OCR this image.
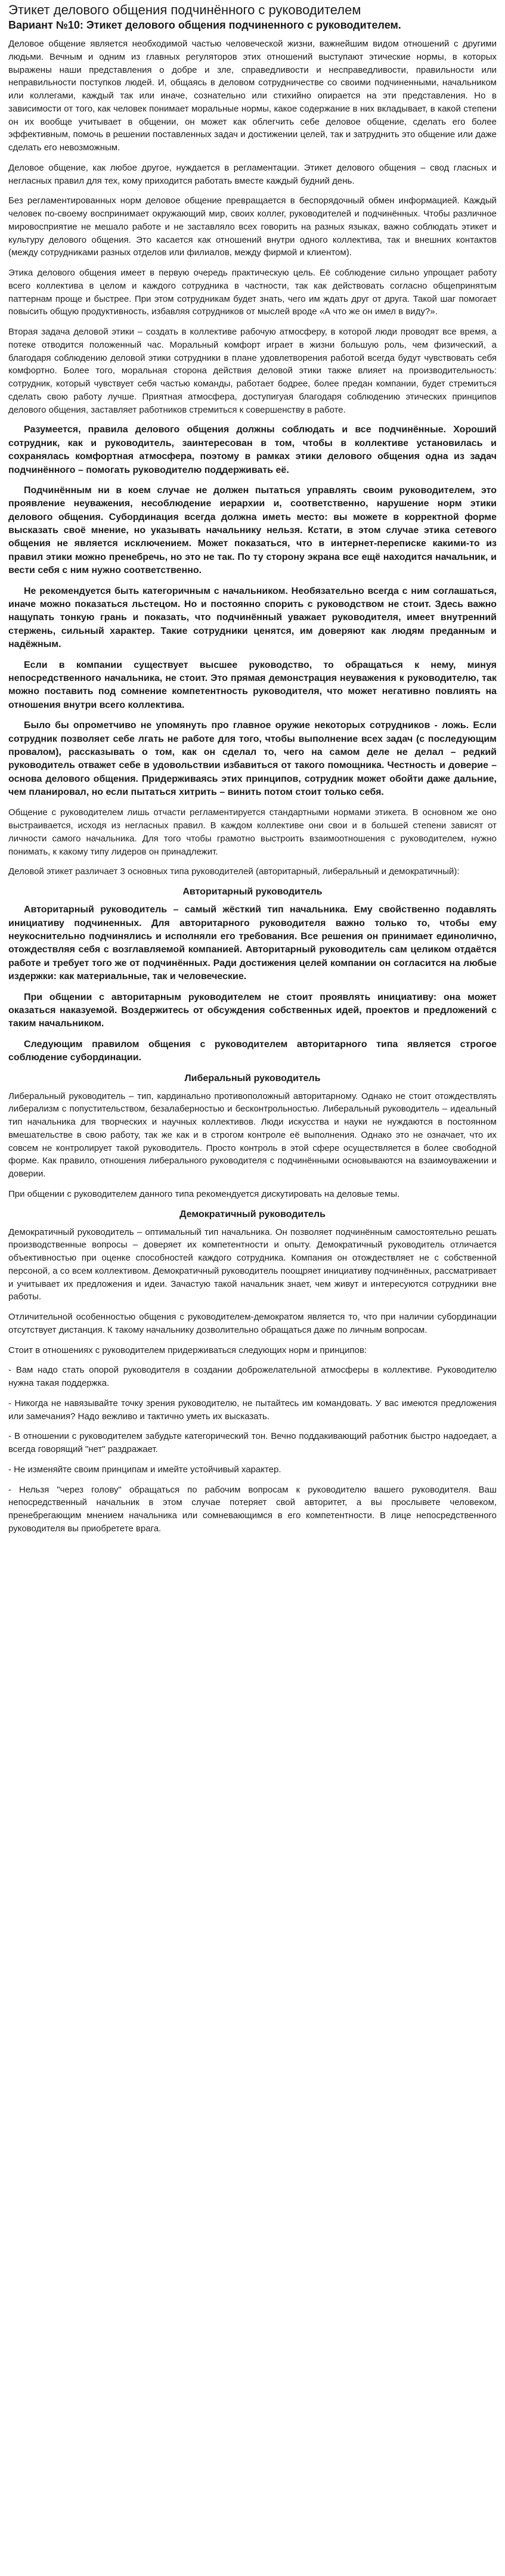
Этикет делового общения подчинённого с руководителем
Вариант №10: Этикет делового общения подчиненного с руководителем.

Деловое общение является необходимой частью человеческой жизни, важнейшим видом отношений с другими людьми. Вечным и одним из главных регуляторов этих отношений выступают этические нормы, в которых выражены наши представления о добре и зле, справедливости и несправедливости, правильности или неправильности поступков людей. И, общаясь в деловом сотрудничестве со своими подчиненными, начальником или коллегами, каждый так или иначе, сознательно или стихийно опирается на эти представления. Но в зависимости от того, как человек понимает моральные нормы, какое содержание в них вкладывает, в какой степени он их вообще учитывает в общении, он может как облегчить себе деловое общение, сделать его более эффективным, помочь в решении поставленных задач и достижении целей, так и затруднить это общение или даже сделать его невозможным.

Деловое общение, как любое другое, нуждается в регламентации. Этикет делового общения – свод гласных и негласных правил для тех, кому приходится работать вместе каждый будний день.

Без регламентированных норм деловое общение превращается в беспорядочный обмен информацией. Каждый человек по-своему воспринимает окружающий мир, своих коллег, руководителей и подчинённых. Чтобы различное мировосприятие не мешало работе и не заставляло всех говорить на разных языках, важно соблюдать этикет и культуру делового общения. Это касается как отношений внутри одного коллектива, так и внешних контактов (между сотрудниками разных отделов или филиалов, между фирмой и клиентом).

Этика делового общения имеет в первую очередь практическую цель. Её соблюдение сильно упрощает работу всего коллектива в целом и каждого сотрудника в частности, так как действовать согласно общепринятым паттернам проще и быстрее. При этом сотрудникам будет знать, чего им ждать друг от друга. Такой шаг помогает повысить общую продуктивность, избавляя сотрудников от мыслей вроде «А что же он имел в виду?».

Вторая задача деловой этики – создать в коллективе рабочую атмосферу, в которой люди проводят все время, а потеке отводится положенный час. Моральный комфорт играет в жизни большую роль, чем физический, а благодаря соблюдению деловой этики сотрудники в плане удовлетворения работой всегда будут чувствовать себя комфортно. Более того, моральная сторона действия деловой этики также влияет на производительность: сотрудник, который чувствует себя частью команды, работает бодрее, более предан компании, будет стремиться сделать свою работу лучше. Приятная атмосфера, доступигуая благодаря соблюдению этических принципов делового общения, заставляет работников стремиться к совершенству в работе.

Разумеется, правила делового общения должны соблюдать и все подчинённые. Хороший сотрудник, как и руководитель, заинтересован в том, чтобы в коллективе установилась и сохранялась комфортная атмосфера, поэтому в рамках этики делового общения одна из задач подчинённого – помогать руководителю поддерживать её.

Подчинённым ни в коем случае не должен пытаться управлять своим руководителем, это проявление неуважения, несоблюдение иерархии и, соответственно, нарушение норм этики делового общения. Субординация всегда должна иметь место: вы можете в корректной форме высказать своё мнение, но указывать начальнику нельзя. Кстати, в этом случае этика сетевого общения не является исключением. Может показаться, что в интернет-переписке какими-то из правил этики можно пренебречь, но это не так. По ту сторону экрана все ещё находится начальник, и вести себя с ним нужно соответственно.

Не рекомендуется быть категоричным с начальником. Необязательно всегда с ним соглашаться, иначе можно показаться льстецом. Но и постоянно спорить с руководством не стоит. Здесь важно нащупать тонкую грань и показать, что подчинённый уважает руководителя, имеет внутренний стержень, сильный характер. Такие сотрудники ценятся, им доверяют как людям преданным и надёжным.

Если в компании существует высшее руководство, то обращаться к нему, минуя непосредственного начальника, не стоит. Это прямая демонстрация неуважения к руководителю, так можно поставить под сомнение компетентность руководителя, что может негативно повлиять на отношения внутри всего коллектива.

Было бы опрометчиво не упомянуть про главное оружие некоторых сотрудников - ложь. Если сотрудник позволяет себе лгать не работе для того, чтобы выполнение всех задач (с последующим провалом), рассказывать о том, как он сделал то, чего на самом деле не делал – редкий руководитель отважет себе в удовольствии избавиться от такого помощника. Честность и доверие – основа делового общения. Придерживаясь этих принципов, сотрудник может обойти даже дальние, чем планировал, но если пытаться хитрить – винить потом стоит только себя.

Общение с руководителем лишь отчасти регламентируется стандартными нормами этикета. В основном же оно выстраивается, исходя из негласных правил. В каждом коллективе они свои и в большей степени зависят от личности самого начальника. Для того чтобы грамотно выстроить взаимоотношения с руководителем, нужно понимать, к какому типу лидеров он принадлежит.

Деловой этикет различает 3 основных типа руководителей (авторитарный, либеральный и демократичный):

Авторитарный руководитель

Авторитарный руководитель – самый жёсткий тип начальника. Ему свойственно подавлять инициативу подчиненных. Для авторитарного руководителя важно только то, чтобы ему неукоснительно подчинялись и исполняли его требования. Все решения он принимает единолично, отождествляя себя с возглавляемой компанией. Авторитарный руководитель сам целиком отдаётся работе и требует того же от подчинённых. Ради достижения целей компании он согласится на любые издержки: как материальные, так и человеческие.

При общении с авторитарным руководителем не стоит проявлять инициативу: она может оказаться наказуемой. Воздержитесь от обсуждения собственных идей, проектов и предложений с таким начальником.

Следующим правилом общения с руководителем авторитарного типа является строгое соблюдение субординации.

Либеральный руководитель

Либеральный руководитель – тип, кардинально противоположный авторитарному. Однако не стоит отождествлять либерализм с попустительством, безалаберностью и бесконтрольностью. Либеральный руководитель – идеальный тип начальника для творческих и научных коллективов. Люди искусства и науки не нуждаются в постоянном вмешательстве в свою работу, так же как и в строгом контроле её выполнения. Однако это не означает, что их совсем не контролирует такой руководитель. Просто контроль в этой сфере осуществляется в более свободной форме. Как правило, отношения либерального руководителя с подчинёнными основываются на взаимоуважении и доверии.

При общении с руководителем данного типа рекомендуется дискутировать на деловые темы.

Демократичный руководитель

Демократичный руководитель – оптимальный тип начальника. Он позволяет подчинённым самостоятельно решать производственные вопросы – доверяет их компетентности и опыту. Демократичный руководитель отличается объективностью при оценке способностей каждого сотрудника. Компания он отождествляет не с собственной персоной, а со всем коллективом. Демократичный руководитель поощряет инициативу подчинённых, рассматривает и учитывает их предложения и идеи. Зачастую такой начальник знает, чем живут и интересуются сотрудники вне работы.

Отличительной особенностью общения с руководителем-демократом является то, что при наличии субординации отсутствует дистанция. К такому начальнику дозволительно обращаться даже по личным вопросам.

Стоит в отношениях с руководителем придерживаться следующих норм и принципов:

- Вам надо стать опорой руководителя в создании доброжелательной атмосферы в коллективе. Руководителю нужна такая поддержка.

- Никогда не навязывайте точку зрения руководителю, не пытайтесь им командовать. У вас имеются предложения или замечания? Надо вежливо и тактично уметь их высказать.

- В отношении с руководителем забудьте категорический тон. Вечно поддакивающий работник быстро надоедает, а всегда говорящий "нет" раздражает.

- Не изменяйте своим принципам и имейте устойчивый характер.

- Нельзя "через голову" обращаться по рабочим вопросам к руководителю вашего руководителя. Ваш непосредственный начальник в этом случае потеряет свой авторитет, а вы прослывете человеком, пренебрегающим мнением начальника или сомневающимся в его компетентности. В лице непосредственного руководителя вы приобретете врага.
